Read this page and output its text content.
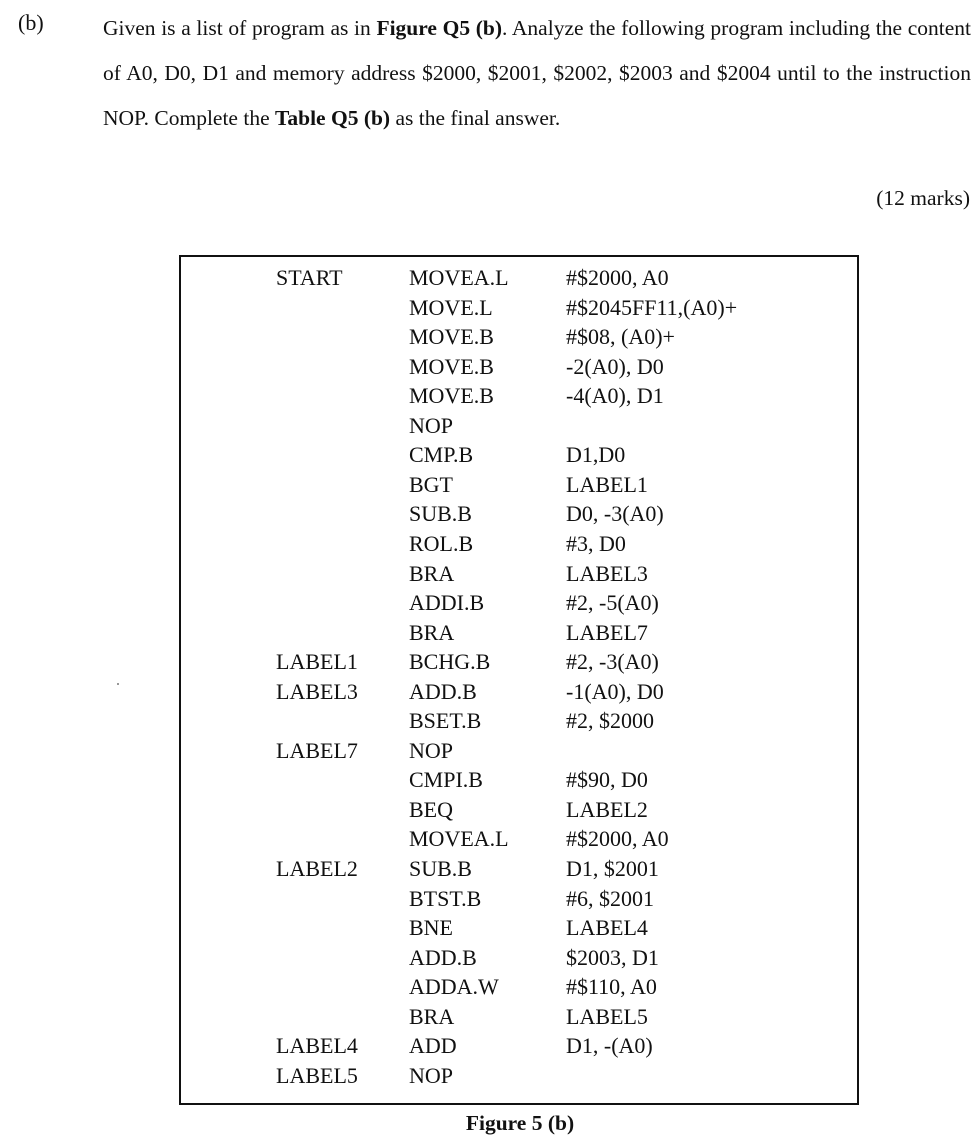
(b)	Given is a list of program as in Figure Q5 (b). Analyze the following program including the content of A0, D0, D1 and memory address $2000, $2001, $2002, $2003 and $2004 until to the instruction NOP. Complete the Table Q5 (b) as the final answer.
(12 marks)
START	MOVEA.L	#$2000, A0
MOVE.L	#$2045FF11,(A0)+
MOVE.B	#$08, (A0)+
MOVE.B	-2(A0), D0
MOVE.B	-4(A0), D1
NOP
CMP.B	D1,D0
BGT	LABEL1
SUB.B	D0, -3(A0)
ROL.B	#3, D0
BRA	LABEL3
ADDI.B	#2, -5(A0)
BRA	LABEL7
LABEL1 BCHG.B	#2, -3(A0)
LABEL3 ADD.B	-1(A0), D0
BSET.B	#2, $2000
LABEL7 NOP
CMPI.B	#$90, D0
BEQ	LABEL2
MOVEA.L	#$2000, A0
LABEL2 SUB.B	D1, $2001
BTST.B	#6, $2001
BNE	LABEL4
ADD.B	$2003, D1
ADDA.W	#$110, A0
BRA	LABEL5
LABEL4 ADD	D1, -(A0)
LABEL5 NOP
Figure 5 (b)
